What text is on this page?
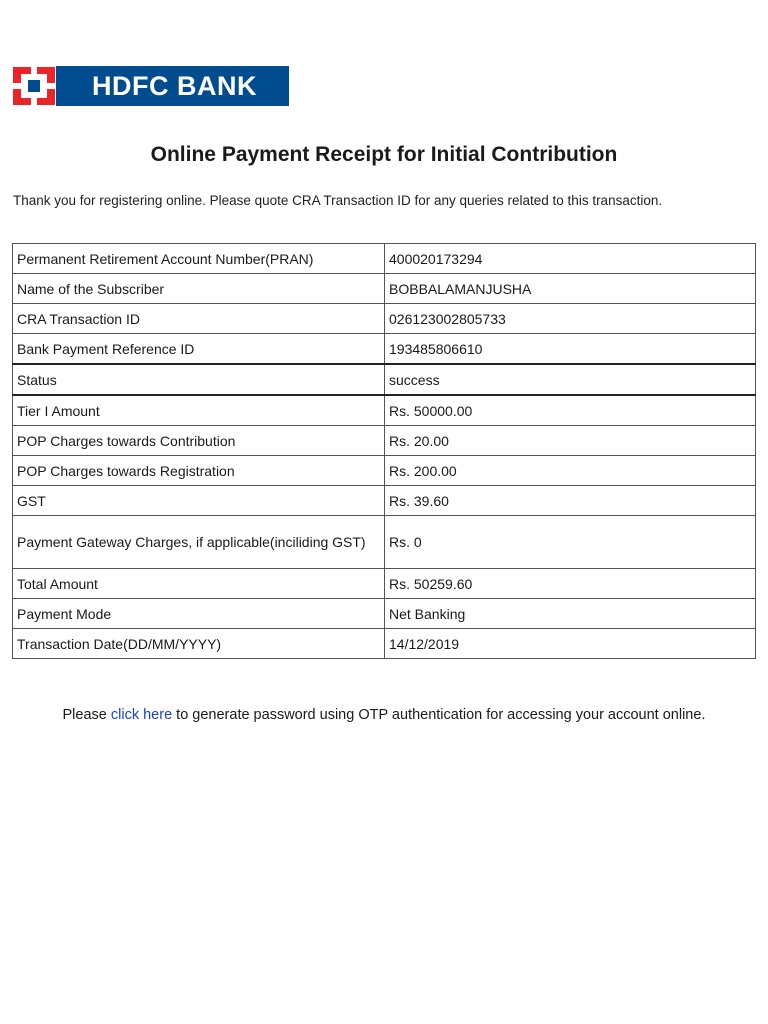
HDFC BANK
Online Payment Receipt for Initial Contribution

Thank you for registering online. Please quote CRA Transaction ID for any queries related to this transaction.

Permanent Retirement Account Number(PRAN)	400020173294
Name of the Subscriber	BOBBALAMANJUSHA
CRA Transaction ID	026123002805733
Bank Payment Reference ID	193485806610
Status	success
Tier I Amount	Rs. 50000.00
POP Charges towards Contribution	Rs. 20.00
POP Charges towards Registration	Rs. 200.00
GST	Rs. 39.60
Payment Gateway Charges, if applicable(inciliding GST)	Rs. 0
Total Amount	Rs. 50259.60
Payment Mode	Net Banking
Transaction Date(DD/MM/YYYY)	14/12/2019

Please click here to generate password using OTP authentication for accessing your account online.
